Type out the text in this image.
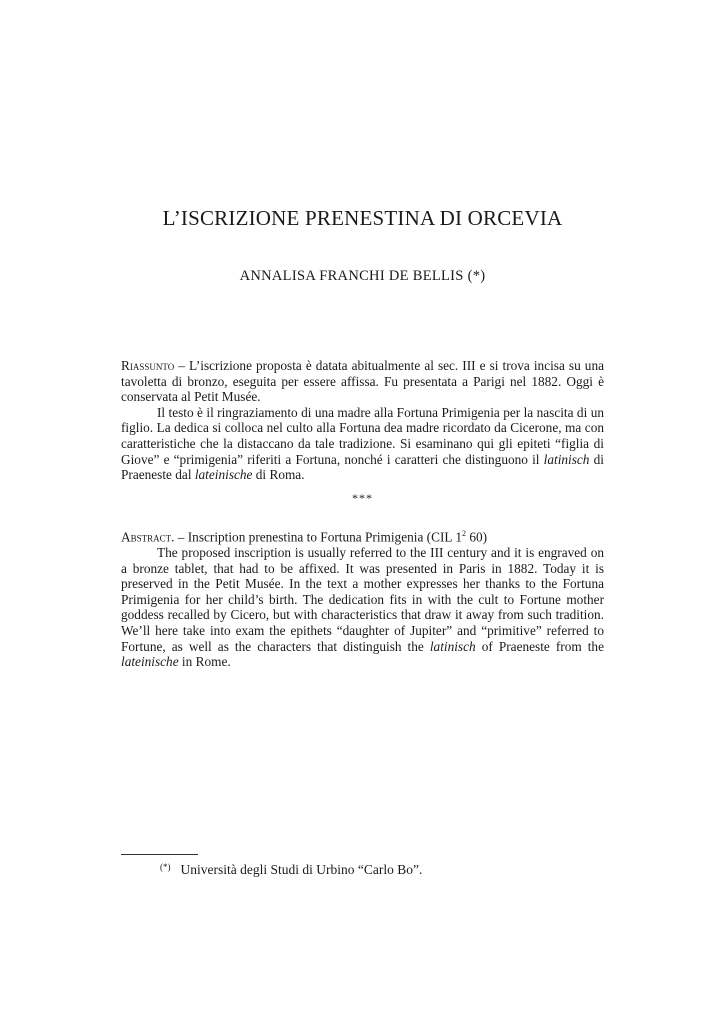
L’ISCRIZIONE PRENESTINA DI ORCEVIA
ANNALISA FRANCHI DE BELLIS (*)

Riassunto – L’iscrizione proposta è datata abitualmente al sec. III e si trova incisa su una tavoletta di bronzo, eseguita per essere affissa. Fu presentata a Parigi nel 1882. Oggi è conservata al Petit Musée.

Il testo è il ringraziamento di una madre alla Fortuna Primigenia per la nascita di un figlio. La dedica si colloca nel culto alla Fortuna dea madre ricordato da Cicerone, ma con caratteristiche che la distaccano da tale tradizione. Si esaminano qui gli epiteti “figlia di Giove” e “primigenia” riferiti a Fortuna, nonché i caratteri che distinguono il latinisch di Praeneste dal lateinische di Roma.

***

Abstract. – Inscription prenestina to Fortuna Primigenia (CIL $1^2$ 60)

The proposed inscription is usually referred to the III century and it is engraved on a bronze tablet, that had to be affixed. It was presented in Paris in 1882. Today it is preserved in the Petit Musée. In the text a mother expresses her thanks to the Fortuna Primigenia for her child’s birth. The dedication fits in with the cult to Fortune mother goddess recalled by Cicero, but with characteristics that draw it away from such tradition. We’ll here take into exam the epithets “daughter of Jupiter” and “primitive” referred to Fortune, as well as the characters that distinguish the latinisch of Praeneste from the lateinische in Rome.

(*) Università degli Studi di Urbino “Carlo Bo”.
